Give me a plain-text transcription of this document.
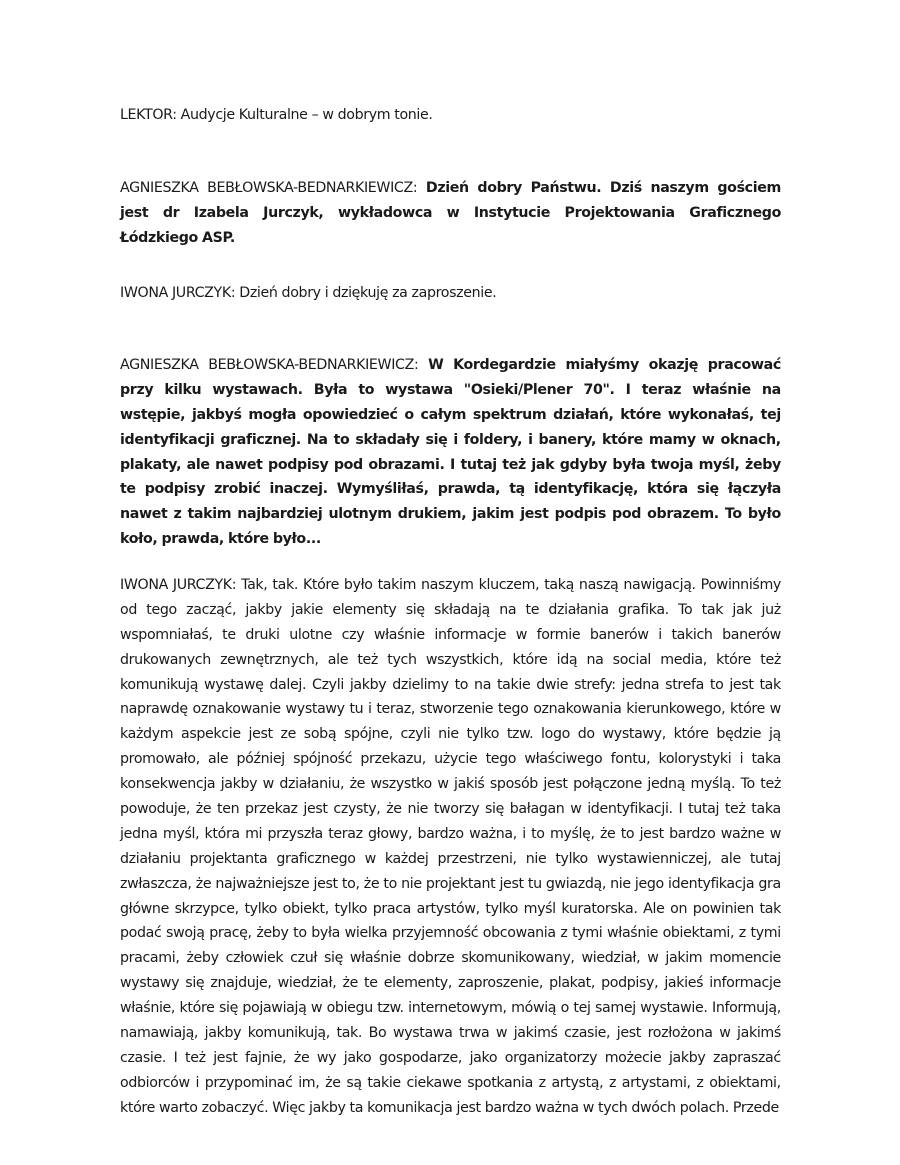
LEKTOR: Audycje Kulturalne – w dobrym tonie.
AGNIESZKA BEBŁOWSKA-BEDNARKIEWICZ: Dzień dobry Państwu. Dziś naszym gościem
jest dr Izabela Jurczyk, wykładowca w Instytucie Projektowania Graficznego
Łódzkiego ASP.
IWONA JURCZYK: Dzień dobry i dziękuję za zaproszenie.
AGNIESZKA BEBŁOWSKA-BEDNARKIEWICZ: W Kordegardzie miałyśmy okazję pracować
przy kilku wystawach. Była to wystawa "Osieki/Plener 70". I teraz właśnie na
wstępie, jakbyś mogła opowiedzieć o całym spektrum działań, które wykonałaś, tej
identyfikacji graficznej. Na to składały się i foldery, i banery, które mamy w oknach,
plakaty, ale nawet podpisy pod obrazami. I tutaj też jak gdyby była twoja myśl, żeby
te podpisy zrobić inaczej. Wymyśliłaś, prawda, tą identyfikację, która się łączyła
nawet z takim najbardziej ulotnym drukiem, jakim jest podpis pod obrazem. To było
koło, prawda, które było...
IWONA JURCZYK: Tak, tak. Które było takim naszym kluczem, taką naszą nawigacją. Powinniśmy
od tego zacząć, jakby jakie elementy się składają na te działania grafika. To tak jak już
wspomniałaś, te druki ulotne czy właśnie informacje w formie banerów i takich banerów
drukowanych zewnętrznych, ale też tych wszystkich, które idą na social media, które też
komunikują wystawę dalej. Czyli jakby dzielimy to na takie dwie strefy: jedna strefa to jest tak
naprawdę oznakowanie wystawy tu i teraz, stworzenie tego oznakowania kierunkowego, które w
każdym aspekcie jest ze sobą spójne, czyli nie tylko tzw. logo do wystawy, które będzie ją
promowało, ale później spójność przekazu, użycie tego właściwego fontu, kolorystyki i taka
konsekwencja jakby w działaniu, że wszystko w jakiś sposób jest połączone jedną myślą. To też
powoduje, że ten przekaz jest czysty, że nie tworzy się bałagan w identyfikacji. I tutaj też taka
jedna myśl, która mi przyszła teraz głowy, bardzo ważna, i to myślę, że to jest bardzo ważne w
działaniu projektanta graficznego w każdej przestrzeni, nie tylko wystawienniczej, ale tutaj
zwłaszcza, że najważniejsze jest to, że to nie projektant jest tu gwiazdą, nie jego identyfikacja gra
główne skrzypce, tylko obiekt, tylko praca artystów, tylko myśl kuratorska. Ale on powinien tak
podać swoją pracę, żeby to była wielka przyjemność obcowania z tymi właśnie obiektami, z tymi
pracami, żeby człowiek czuł się właśnie dobrze skomunikowany, wiedział, w jakim momencie
wystawy się znajduje, wiedział, że te elementy, zaproszenie, plakat, podpisy, jakieś informacje
właśnie, które się pojawiają w obiegu tzw. internetowym, mówią o tej samej wystawie. Informują,
namawiają, jakby komunikują, tak. Bo wystawa trwa w jakimś czasie, jest rozłożona w jakimś
czasie. I też jest fajnie, że wy jako gospodarze, jako organizatorzy możecie jakby zapraszać
odbiorców i przypominać im, że są takie ciekawe spotkania z artystą, z artystami, z obiektami,
które warto zobaczyć. Więc jakby ta komunikacja jest bardzo ważna w tych dwóch polach. Przede
